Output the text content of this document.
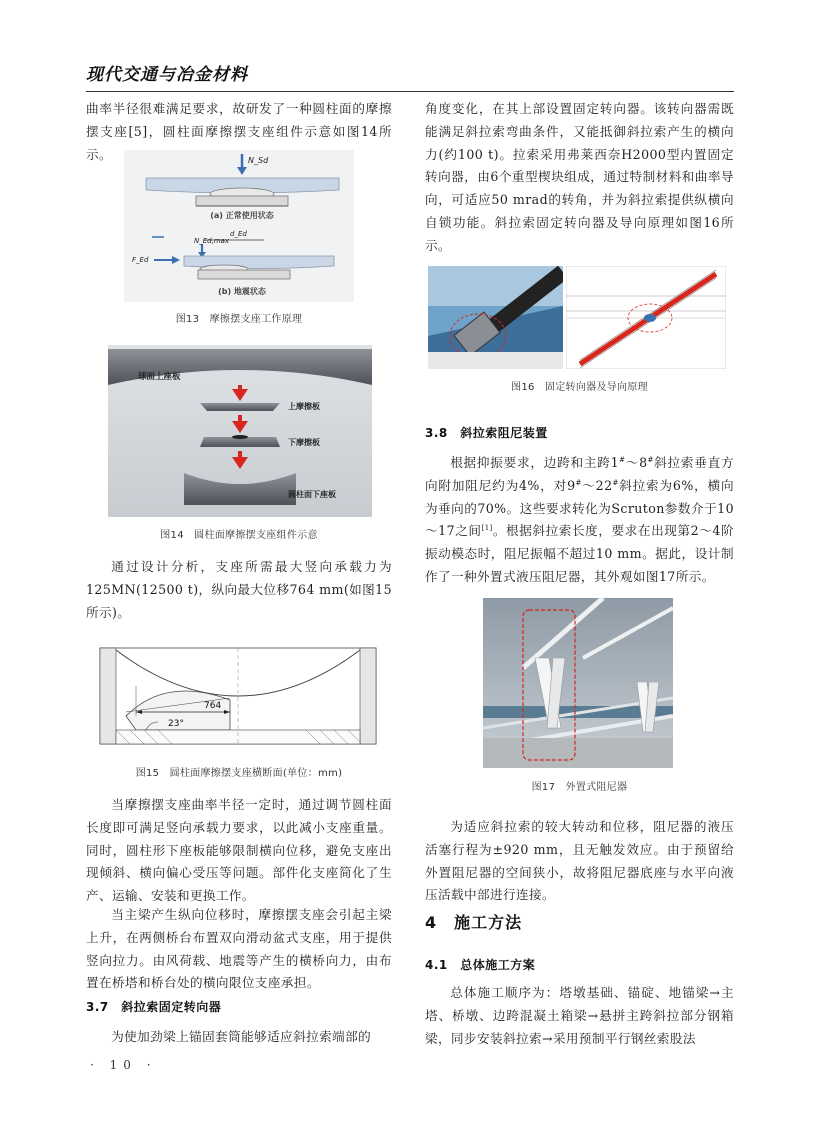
现代交通与冶金材料
曲率半径很难满足要求，故研发了一种圆柱面的摩擦摆支座[5]，圆柱面摩擦摆支座组件示意如图14所示。	N_Sd
(a) 正常使用状态
N_Ed,max
d_Ed
F_Ed
(b) 地震状态
图13　摩擦摆支座工作原理
球面上座板
上摩擦板
下摩擦板
圆柱面下座板
图14　圆柱面摩擦摆支座组件示意
通过设计分析，支座所需最大竖向承载力为125MN(12500 t)，纵向最大位移764 mm(如图15所示)。
764
23°
图15　圆柱面摩擦摆支座横断面(单位：mm)
当摩擦摆支座曲率半径一定时，通过调节圆柱面长度即可满足竖向承载力要求，以此减小支座重量。同时，圆柱形下座板能够限制横向位移，避免支座出现倾斜、横向偏心受压等问题。部件化支座简化了生产、运输、安装和更换工作。
当主梁产生纵向位移时，摩擦摆支座会引起主梁上升，在两侧桥台布置双向滑动盆式支座，用于提供竖向拉力。由风荷载、地震等产生的横桥向力，由布置在桥塔和桥台处的横向限位支座承担。
3.7　斜拉索固定转向器
为使加劲梁上锚固套筒能够适应斜拉索端部的
· 10 ·
角度变化，在其上部设置固定转向器。该转向器需既能满足斜拉索弯曲条件，又能抵御斜拉索产生的横向力(约100 t)。拉索采用弗莱西奈H2000型内置固定转向器，由6个重型楔块组成，通过特制材料和曲率导向，可适应50 mrad的转角，并为斜拉索提供纵横向自锁功能。斜拉索固定转向器及导向原理如图16所示。
图16　固定转向器及导向原理
3.8　斜拉索阻尼装置
根据抑振要求，边跨和主跨1#～8#斜拉索垂直方向附加阻尼约为4%，对9#～22#斜拉索为6%，横向为垂向的70%。这些要求转化为Scruton参数介于10～17之间[1]。根据斜拉索长度，要求在出现第2～4阶振动模态时，阻尼振幅不超过10 mm。据此，设计制作了一种外置式液压阻尼器，其外观如图17所示。
图17　外置式阻尼器
为适应斜拉索的较大转动和位移，阻尼器的液压活塞行程为±920 mm，且无触发效应。由于预留给外置阻尼器的空间狭小，故将阻尼器底座与水平向液压活载中部进行连接。
4　施工方法
4.1　总体施工方案
总体施工顺序为：塔墩基础、锚碇、地锚梁→主塔、桥墩、边跨混凝土箱梁→悬拼主跨斜拉部分钢箱梁，同步安装斜拉索→采用预制平行钢丝索股法
